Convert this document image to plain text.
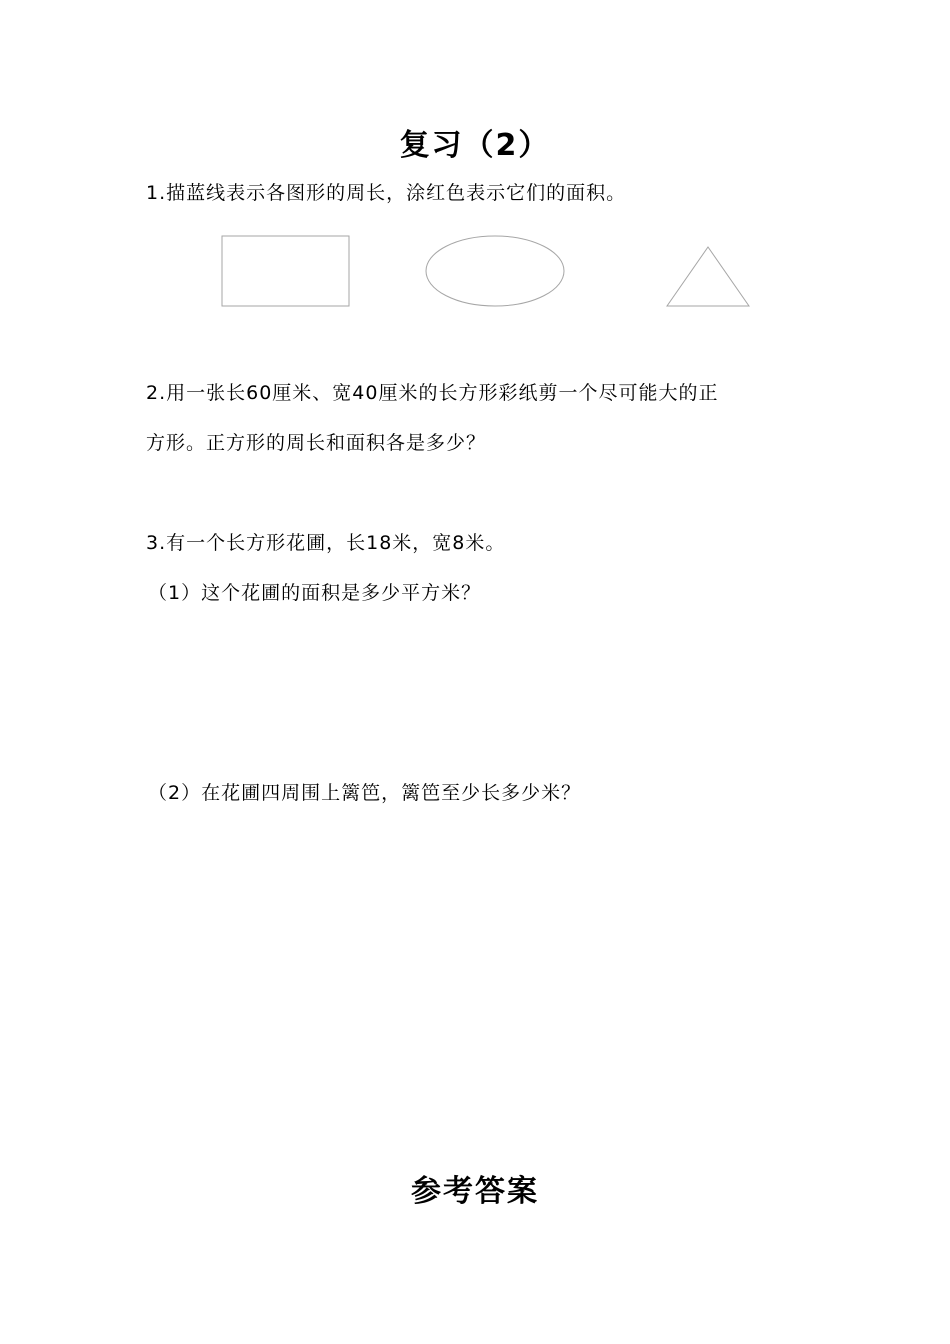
复习（2）
1.描蓝线表示各图形的周长，涂红色表示它们的面积。
2.用一张长60厘米、宽40厘米的长方形彩纸剪一个尽可能大的正
方形。正方形的周长和面积各是多少？
3.有一个长方形花圃，长18米，宽8米。
（1）这个花圃的面积是多少平方米？
（2）在花圃四周围上篱笆，篱笆至少长多少米？
参考答案
